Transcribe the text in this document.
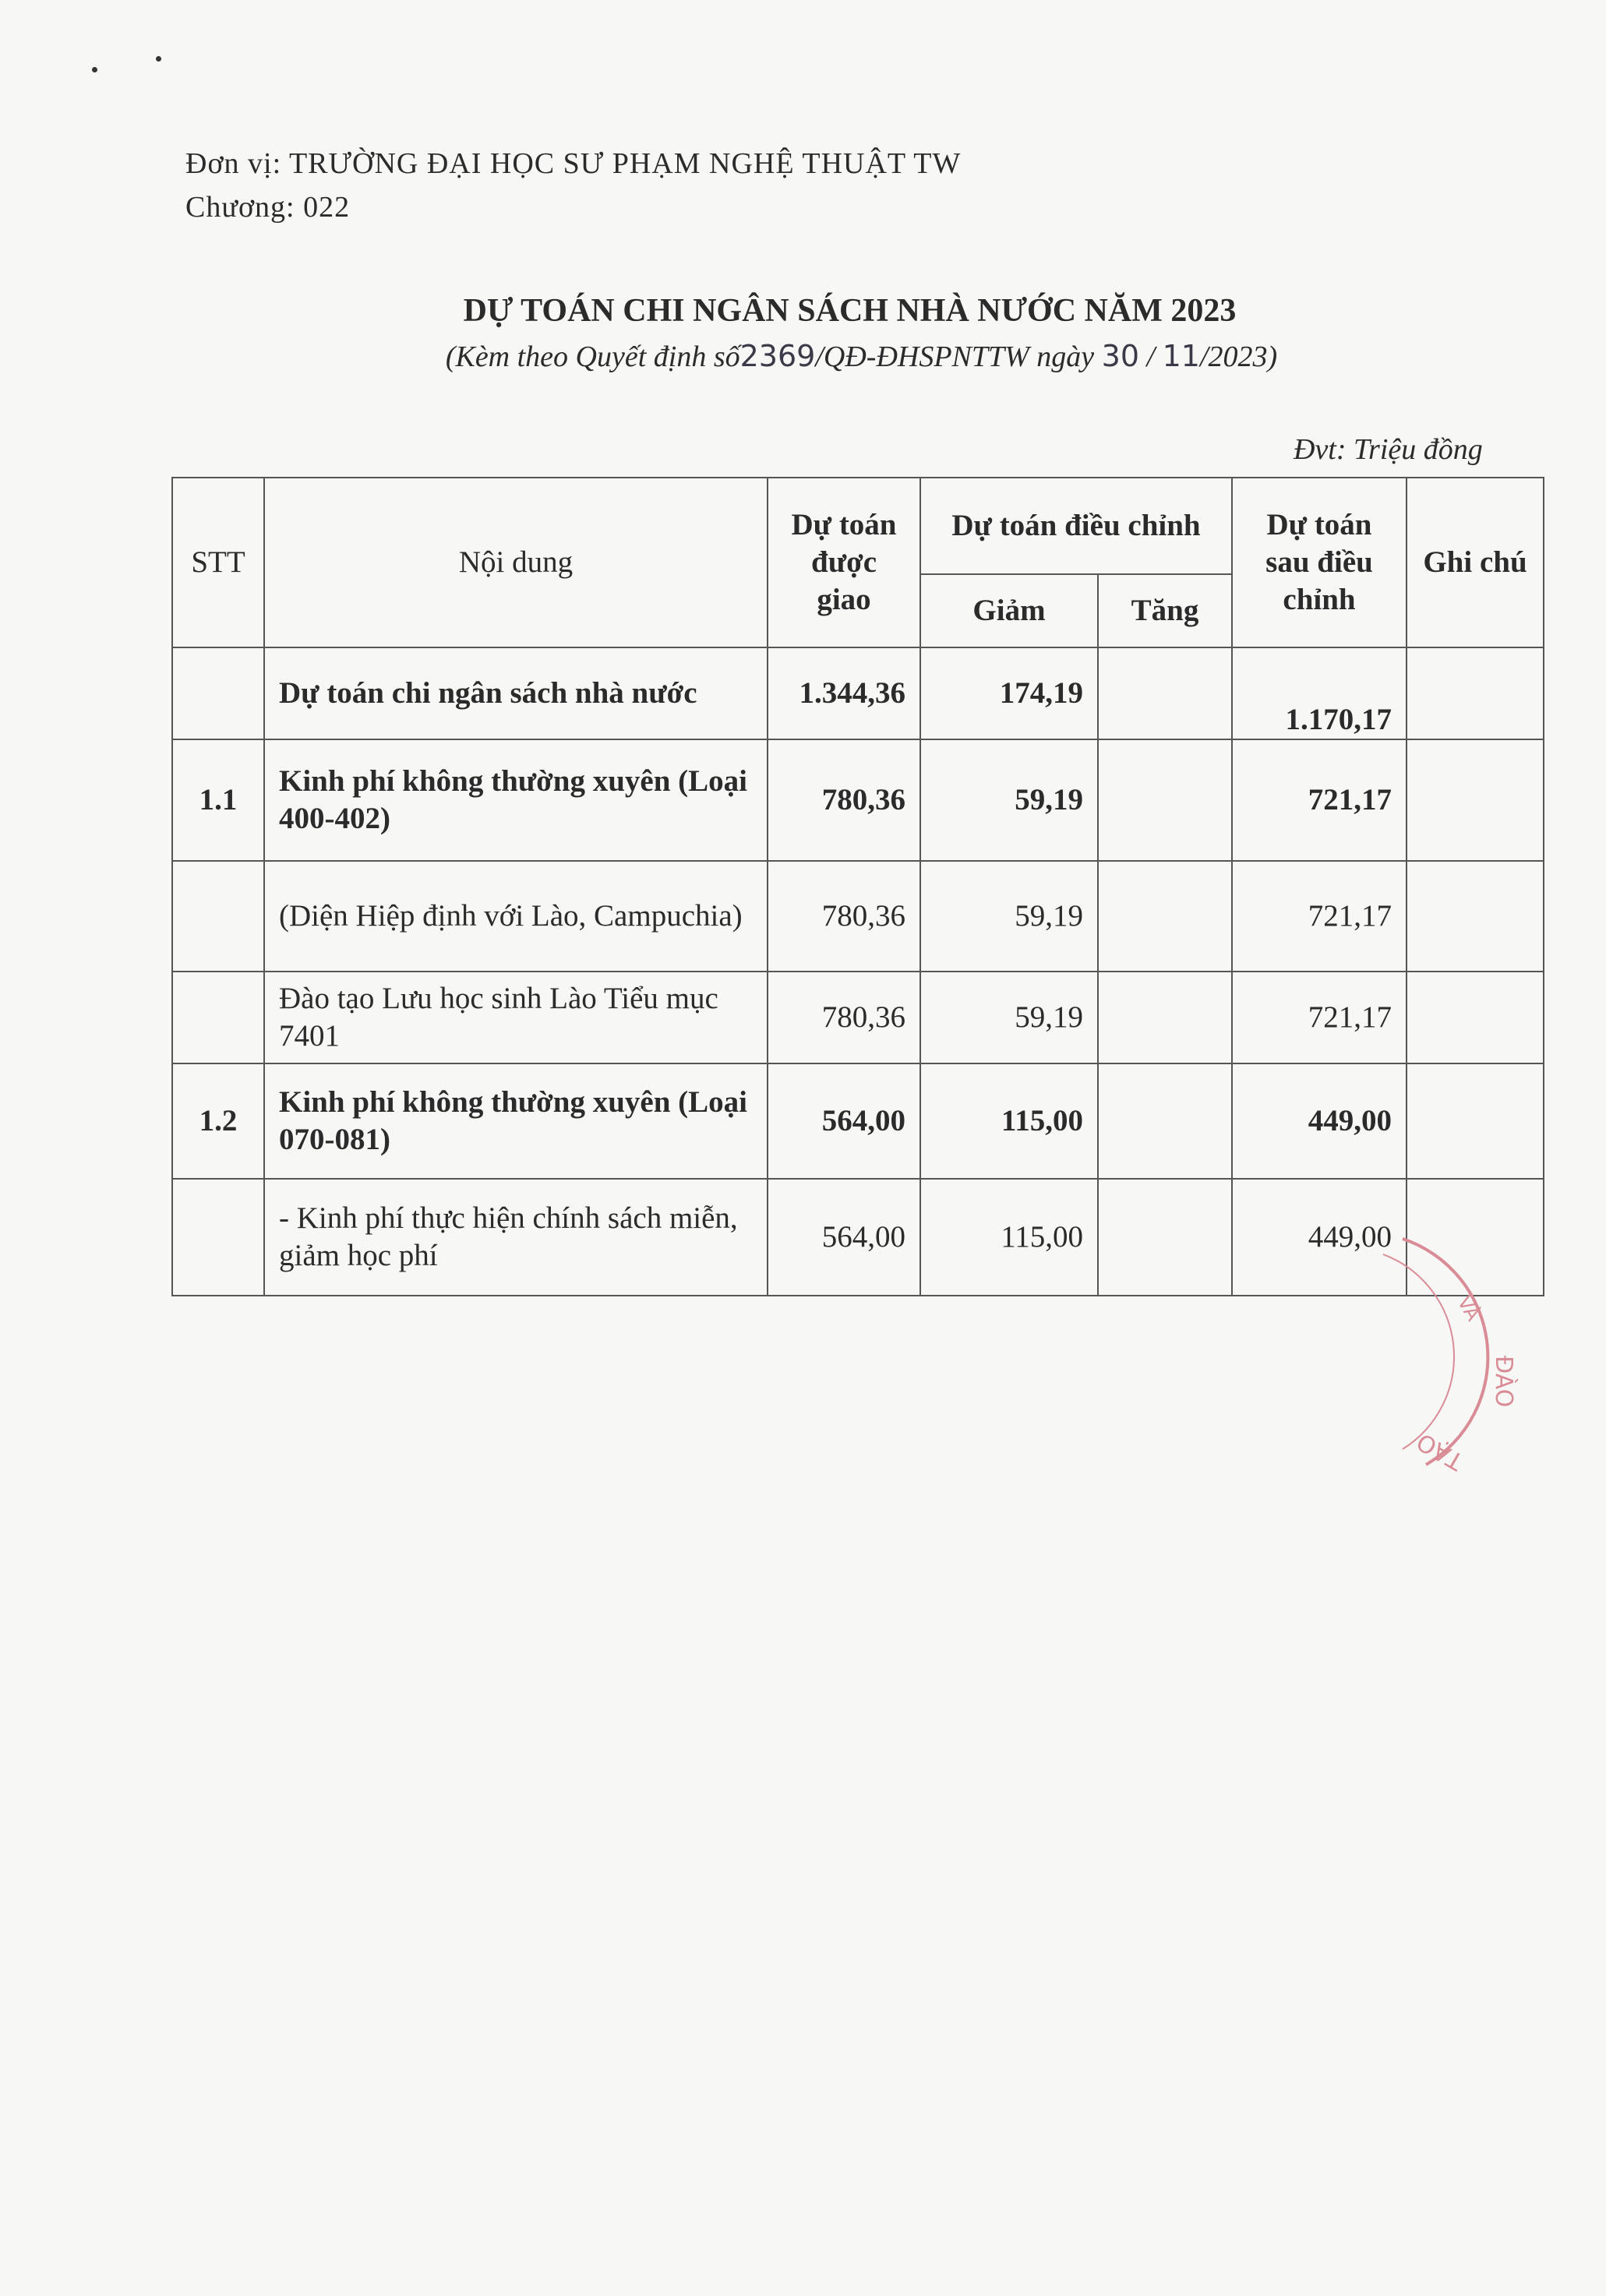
Đơn vị: TRƯỜNG ĐẠI HỌC SƯ PHẠM NGHỆ THUẬT TW
Chương: 022
DỰ TOÁN CHI NGÂN SÁCH NHÀ NƯỚC NĂM 2023
(Kèm theo Quyết định số2369/QĐ-ĐHSPNTTW ngày 30 / 11/2023)
Đvt: Triệu đồng
STT	Nội dung	Dự toán được giao	Dự toán điều chỉnh		Dự toán sau điều chỉnh	Ghi chú
			Giảm	Tăng		
	Dự toán chi ngân sách nhà nước	1.344,36	174,19		1.170,17	
1.1	Kinh phí không thường xuyên (Loại 400-402)	780,36	59,19		721,17	
	(Diện Hiệp định với Lào, Campuchia)	780,36	59,19		721,17	
	Đào tạo Lưu học sinh Lào Tiểu mục 7401	780,36	59,19		721,17	
1.2	Kinh phí không thường xuyên (Loại 070-081)	564,00	115,00		449,00	
	- Kinh phí thực hiện chính sách miễn, giảm học phí	564,00	115,00		449,00	
ĐÀO
VÀ
TẠO
